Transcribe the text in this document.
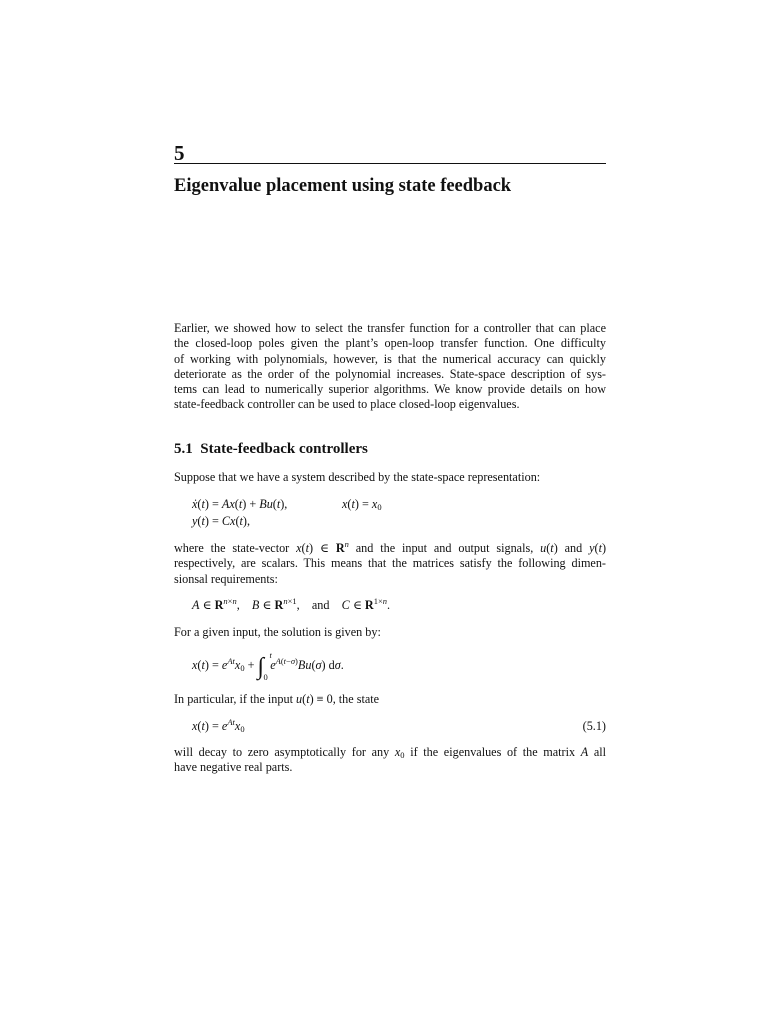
5
Eigenvalue placement using state feedback
Earlier, we showed how to select the transfer function for a controller that can place
the closed-loop poles given the plant’s open-loop transfer function. One difficulty
of working with polynomials, however, is that the numerical accuracy can quickly
deteriorate as the order of the polynomial increases. State-space description of sys-
tems can lead to numerically superior algorithms. We know provide details on how
state-feedback controller can be used to place closed-loop eigenvalues.
5.1 State-feedback controllers
Suppose that we have a system described by the state-space representation:
ẋ(t) = Ax(t) + Bu(t),	$x(t) = x_0$
y(t) = Cx(t),
where the state-vector x(t) ∈ $R^n$ and the input and output signals, u(t) and y(t)
respectively, are scalars. This means that the matrices satisfy the following dimen-
sionsal requirements:
A ∈ $R^{n\times n}$,    B ∈ $R^{n\times 1}$,    and C ∈ $R^{1\times n}$.
For a given input, the solution is given by:
$x(t) = e^{At}x_0$ + ∫ t
0
$e^{A(t-\sigma)}Bu(\sigma)$ dσ.
In particular, if the input u(t) ≡ 0, the state
$x(t) = e^{At}x_0$	(5.1)
will decay to zero asymptotically for any $x_0$ if the eigenvalues of the matrix A all
have negative real parts.
